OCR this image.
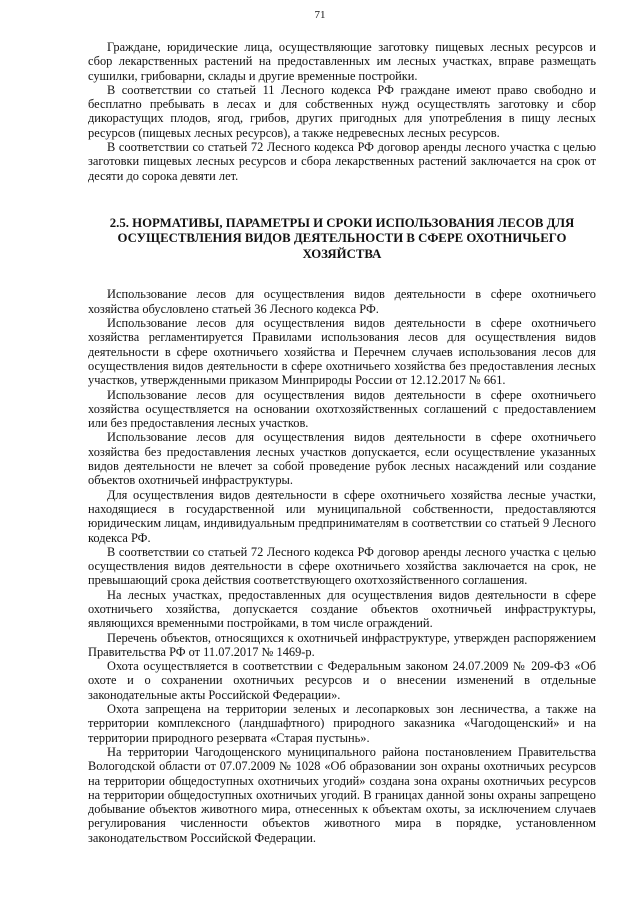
71

Граждане, юридические лица, осуществляющие заготовку пищевых лесных ресурсов и сбор лекарственных растений на предоставленных им лесных участках, вправе размещать сушилки, грибоварни, склады и другие временные постройки.

В соответствии со статьей 11 Лесного кодекса РФ граждане имеют право свободно и бесплатно пребывать в лесах и для собственных нужд осуществлять заготовку и сбор дикорастущих плодов, ягод, грибов, других пригодных для употребления в пищу лесных ресурсов (пищевых лесных ресурсов), а также недревесных лесных ресурсов.

В соответствии со статьей 72 Лесного кодекса РФ договор аренды лесного участка с целью заготовки пищевых лесных ресурсов и сбора лекарственных растений заключается на срок от десяти до сорока девяти лет.

2.5. НОРМАТИВЫ, ПАРАМЕТРЫ И СРОКИ ИСПОЛЬЗОВАНИЯ ЛЕСОВ ДЛЯ ОСУЩЕСТВЛЕНИЯ ВИДОВ ДЕЯТЕЛЬНОСТИ В СФЕРЕ ОХОТНИЧЬЕГО ХОЗЯЙСТВА

Использование лесов для осуществления видов деятельности в сфере охотничьего хозяйства обусловлено статьей 36 Лесного кодекса РФ.

Использование лесов для осуществления видов деятельности в сфере охотничьего хозяйства регламентируется Правилами использования лесов для осуществления видов деятельности в сфере охотничьего хозяйства и Перечнем случаев использования лесов для осуществления видов деятельности в сфере охотничьего хозяйства без предоставления лесных участков, утвержденными приказом Минприроды России от 12.12.2017 № 661.

Использование лесов для осуществления видов деятельности в сфере охотничьего хозяйства осуществляется на основании охотхозяйственных соглашений с предоставлением или без предоставления лесных участков.

Использование лесов для осуществления видов деятельности в сфере охотничьего хозяйства без предоставления лесных участков допускается, если осуществление указанных видов деятельности не влечет за собой проведение рубок лесных насаждений или создание объектов охотничьей инфраструктуры.

Для осуществления видов деятельности в сфере охотничьего хозяйства лесные участки, находящиеся в государственной или муниципальной собственности, предоставляются юридическим лицам, индивидуальным предпринимателям в соответствии со статьей 9 Лесного кодекса РФ.

В соответствии со статьей 72 Лесного кодекса РФ договор аренды лесного участка с целью осуществления видов деятельности в сфере охотничьего хозяйства заключается на срок, не превышающий срока действия соответствующего охотхозяйственного соглашения.

На лесных участках, предоставленных для осуществления видов деятельности в сфере охотничьего хозяйства, допускается создание объектов охотничьей инфраструктуры, являющихся временными постройками, в том числе ограждений.

Перечень объектов, относящихся к охотничьей инфраструктуре, утвержден распоряжением Правительства РФ от 11.07.2017 № 1469-р.

Охота осуществляется в соответствии с Федеральным законом 24.07.2009 № 209-ФЗ «Об охоте и о сохранении охотничьих ресурсов и о внесении изменений в отдельные законодательные акты Российской Федерации».

Охота запрещена на территории зеленых и лесопарковых зон лесничества, а также на территории комплексного (ландшафтного) природного заказника «Чагодощенский» и на территории природного резервата «Старая пустынь».

На территории Чагодощенского муниципального района постановлением Правительства Вологодской области от 07.07.2009 № 1028 «Об образовании зон охраны охотничьих ресурсов на территории общедоступных охотничьих угодий» создана зона охраны охотничьих ресурсов на территории общедоступных охотничьих угодий. В границах данной зоны охраны запрещено добывание объектов животного мира, отнесенных к объектам охоты, за исключением случаев регулирования численности объектов животного мира в порядке, установленном законодательством Российской Федерации.
